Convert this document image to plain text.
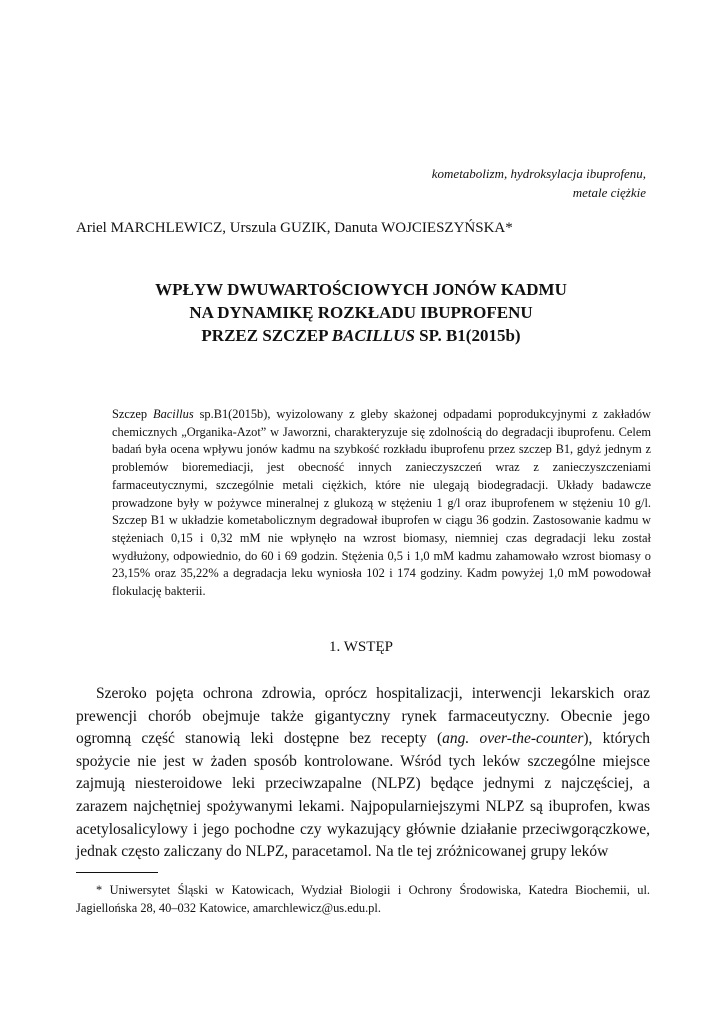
kometabolizm, hydroksylacja ibuprofenu,
metale ciężkie
Ariel MARCHLEWICZ, Urszula GUZIK, Danuta WOJCIESZYŃSKA*
WPŁYW DWUWARTOŚCIOWYCH JONÓW KADMU
NA DYNAMIKĘ ROZKŁADU IBUPROFENU
PRZEZ SZCZEP BACILLUS SP. B1(2015b)

Szczep Bacillus sp.B1(2015b), wyizolowany z gleby skażonej odpadami poprodukcyjnymi z zakładów chemicznych „Organika-Azot” w Jaworzni, charakteryzuje się zdolnością do degradacji ibuprofenu. Celem badań była ocena wpływu jonów kadmu na szybkość rozkładu ibuprofenu przez szczep B1, gdyż jednym z problemów bioremediacji, jest obecność innych zanieczyszczeń wraz z zanieczyszczeniami farmaceutycznymi, szczególnie metali ciężkich, które nie ulegają biodegradacji. Układy badawcze prowadzone były w pożywce mineralnej z glukozą w stężeniu 1 g/l oraz ibuprofenem w stężeniu 10 g/l. Szczep B1 w układzie kometabolicznym degradował ibuprofen w ciągu 36 godzin. Zastosowanie kadmu w stężeniach 0,15 i 0,32 mM nie wpłynęło na wzrost biomasy, niemniej czas degradacji leku został wydłużony, odpowiednio, do 60 i 69 godzin. Stężenia 0,5 i 1,0 mM kadmu zahamowało wzrost biomasy o 23,15% oraz 35,22% a degradacja leku wyniosła 102 i 174 godziny. Kadm powyżej 1,0 mM powodował flokulację bakterii.

1. WSTĘP

Szeroko pojęta ochrona zdrowia, oprócz hospitalizacji, interwencji lekarskich oraz prewencji chorób obejmuje także gigantyczny rynek farmaceutyczny. Obecnie jego ogromną część stanowią leki dostępne bez recepty (ang. over-the-counter), których spożycie nie jest w żaden sposób kontrolowane. Wśród tych leków szczególne miejsce zajmują niesteroidowe leki przeciwzapalne (NLPZ) będące jednymi z najczęściej, a zarazem najchętniej spożywanymi lekami. Najpopularniejszymi NLPZ są ibuprofen, kwas acetylosalicylowy i jego pochodne czy wykazujący głównie działanie przeciwgorączkowe, jednak często zaliczany do NLPZ, paracetamol. Na tle tej zróżnicowanej grupy leków

* Uniwersytet Śląski w Katowicach, Wydział Biologii i Ochrony Środowiska, Katedra Biochemii, ul. Jagiellońska 28, 40–032 Katowice, amarchlewicz@us.edu.pl.
